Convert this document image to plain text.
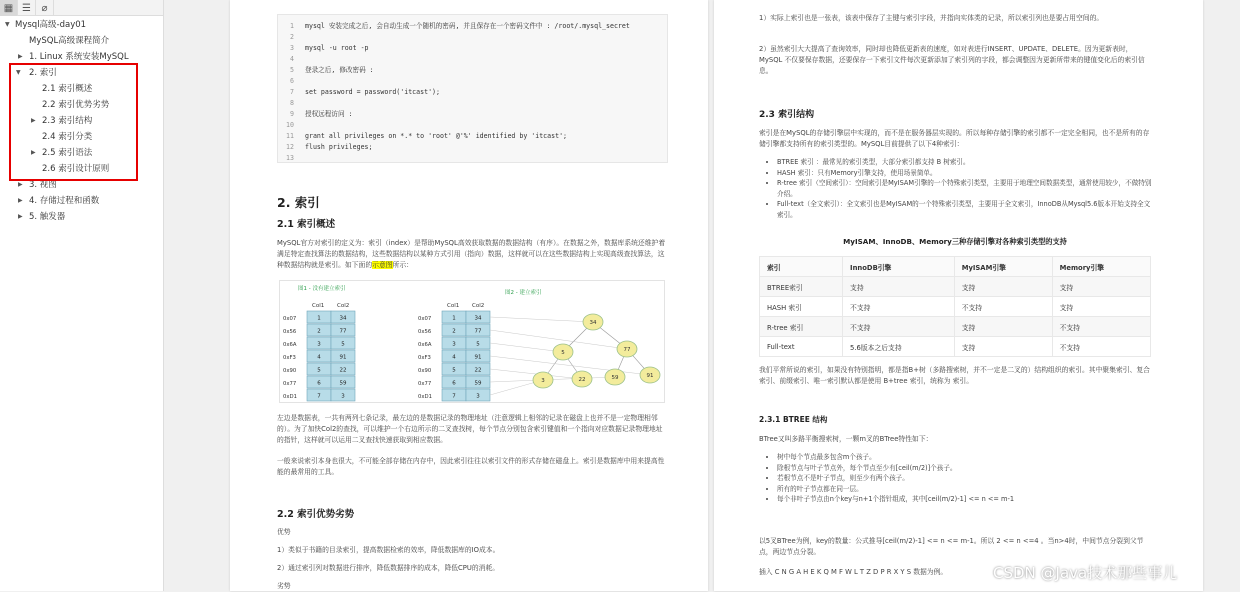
▦ ☰	⌀
▼ Mysql高级-day01
MySQL高级课程简介
▶ 1. Linux 系统安装MySQL
▼ 2. 索引
2.1 索引概述
2.2 索引优势劣势
▶ 2.3 索引结构
2.4 索引分类
▶ 2.5 索引语法
2.6 索引设计原则
▶ 3. 视图
▶ 4. 存储过程和函数
▶ 5. 触发器
1 mysql 安装完成之后, 会自动生成一个随机的密码, 并且保存在一个密码文件中 : /root/.mysql_secret
2
3 mysql -u root -p
4
5 登录之后, 修改密码 :
6
7 set password = password('itcast');
8
9 授权远程访问 :
10
11 grant all privileges on *.* to 'root' @'%' identified by 'itcast';
12 flush privileges;
13
2. 索引
2.1 索引概述
MySQL官方对索引的定义为：索引（index）是帮助MySQL高效获取数据的数据结构（有序）。在数据之外，数据库系统还维护着满足特定查找算法的数据结构，这些数据结构以某种方式引用（指向）数据，这样就可以在这些数据结构上实现高级查找算法，这种数据结构就是索引。如下面的示意图所示：
图1 - 没有建立索引
图2 - 建立索引
Col1 Col2	Col1 Col2
0x07	1	34
0x56	2	77
0x6A	3	5
0xF3	4	91
0x90	5	22
0x77	6	59
0xD1	7	3
0x07	1	34
0x56	2	77
0x6A	3	5
0xF3	4	91
0x90	5	22
0x77	6	59
0xD1	7	3
34
5	77
3	22	59	91
左边是数据表，一共有两列七条记录，最左边的是数据记录的物理地址（注意逻辑上相邻的记录在磁盘上也并不是一定物理相邻的）。为了加快Col2的查找，可以维护一个右边所示的二叉查找树，每个节点分别包含索引键值和一个指向对应数据记录物理地址的指针，这样就可以运用二叉查找快速获取到相应数据。
一般来说索引本身也很大，不可能全部存储在内存中，因此索引往往以索引文件的形式存储在磁盘上。索引是数据库中用来提高性能的最常用的工具。
2.2 索引优势劣势
优势
1）类似于书籍的目录索引，提高数据检索的效率，降低数据库的IO成本。
2）通过索引列对数据进行排序，降低数据排序的成本，降低CPU的消耗。
劣势
1）实际上索引也是一张表，该表中保存了主键与索引字段，并指向实体类的记录，所以索引列也是要占用空间的。
2）虽然索引大大提高了查询效率，同时却也降低更新表的速度，如对表进行INSERT、UPDATE、DELETE。因为更新表时，MySQL 不仅要保存数据，还要保存一下索引文件每次更新添加了索引列的字段，都会调整因为更新所带来的键值变化后的索引信息。
2.3 索引结构
索引是在MySQL的存储引擎层中实现的，而不是在服务器层实现的。所以每种存储引擎的索引都不一定完全相同，也不是所有的存储引擎都支持所有的索引类型的。MySQL目前提供了以下4种索引：
• BTREE 索引 ：最常见的索引类型，大部分索引都支持 B 树索引。
• HASH 索引：只有Memory引擎支持，使用场景简单。
• R-tree 索引（空间索引）：空间索引是MyISAM引擎的一个特殊索引类型，主要用于地理空间数据类型，通常使用较少，不做特别介绍。
• Full-text（全文索引）：全文索引也是MyISAM的一个特殊索引类型，主要用于全文索引，InnoDB从Mysql5.6版本开始支持全文索引。
MyISAM、InnoDB、Memory三种存储引擎对各种索引类型的支持
索引	InnoDB引擎	MyISAM引擎	Memory引擎
BTREE索引	支持	支持	支持
HASH 索引	不支持	不支持	支持
R-tree 索引	不支持	支持	不支持
Full-text	5.6版本之后支持	支持	不支持
我们平常所说的索引，如果没有特别指明，都是指B+树（多路搜索树，并不一定是二叉的）结构组织的索引。其中聚集索引、复合索引、前缀索引、唯一索引默认都是使用 B+tree 索引，统称为 索引。
2.3.1 BTREE 结构
BTree又叫多路平衡搜索树，一颗m叉的BTree特性如下：
• 树中每个节点最多包含m个孩子。
• 除根节点与叶子节点外，每个节点至少有[ceil(m/2)]个孩子。
• 若根节点不是叶子节点，则至少有两个孩子。
• 所有的叶子节点都在同一层。
• 每个非叶子节点由n个key与n+1个指针组成，其中[ceil(m/2)-1] <= n <= m-1
以5叉BTree为例，key的数量：公式推导[ceil(m/2)-1] <= n <= m-1。所以 2 <= n <=4 。当n>4时，中间节点分裂到父节点，两边节点分裂。
插入 C N G A H E K Q M F W L T Z D P R X Y S 数据为例。	CSDN @Java技术那些事儿
